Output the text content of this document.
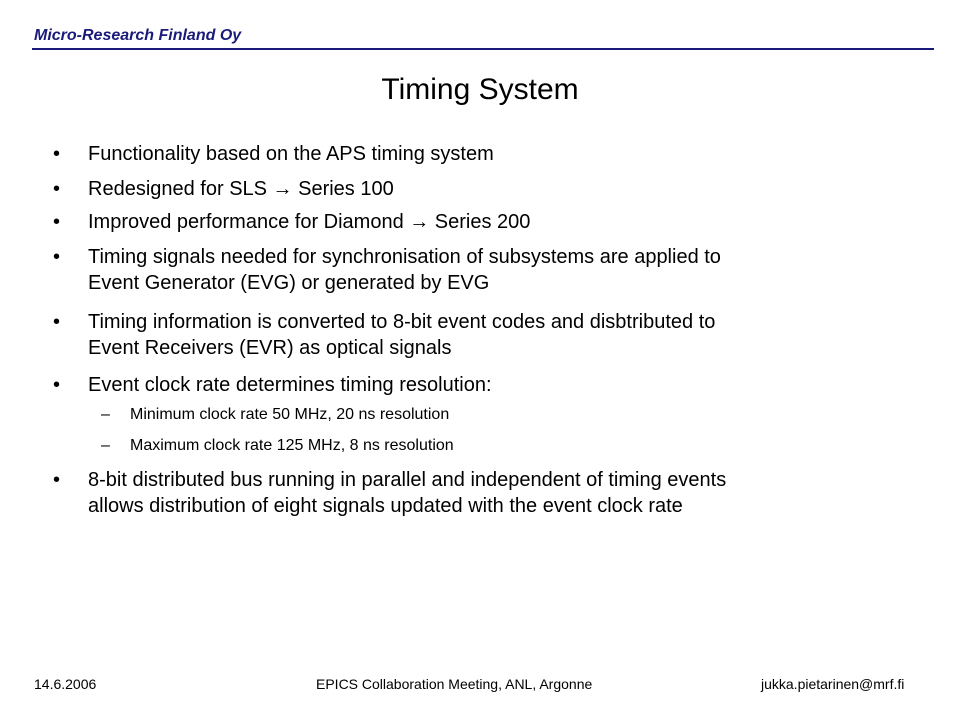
Micro-Research Finland Oy
Timing System
• Functionality based on the APS timing system
• Redesigned for SLS → Series 100
• Improved performance for Diamond → Series 200
• Timing signals needed for synchronisation of subsystems are applied to
Event Generator (EVG) or generated by EVG
• Timing information is converted to 8-bit event codes and disbtributed to
Event Receivers (EVR) as optical signals
• Event clock rate determines timing resolution:
– Minimum clock rate 50 MHz, 20 ns resolution
– Maximum clock rate 125 MHz, 8 ns resolution
• 8-bit distributed bus running in parallel and independent of timing events
allows distribution of eight signals updated with the event clock rate
14.6.2006	EPICS Collaboration Meeting, ANL, Argonne	jukka.pietarinen@mrf.fi
